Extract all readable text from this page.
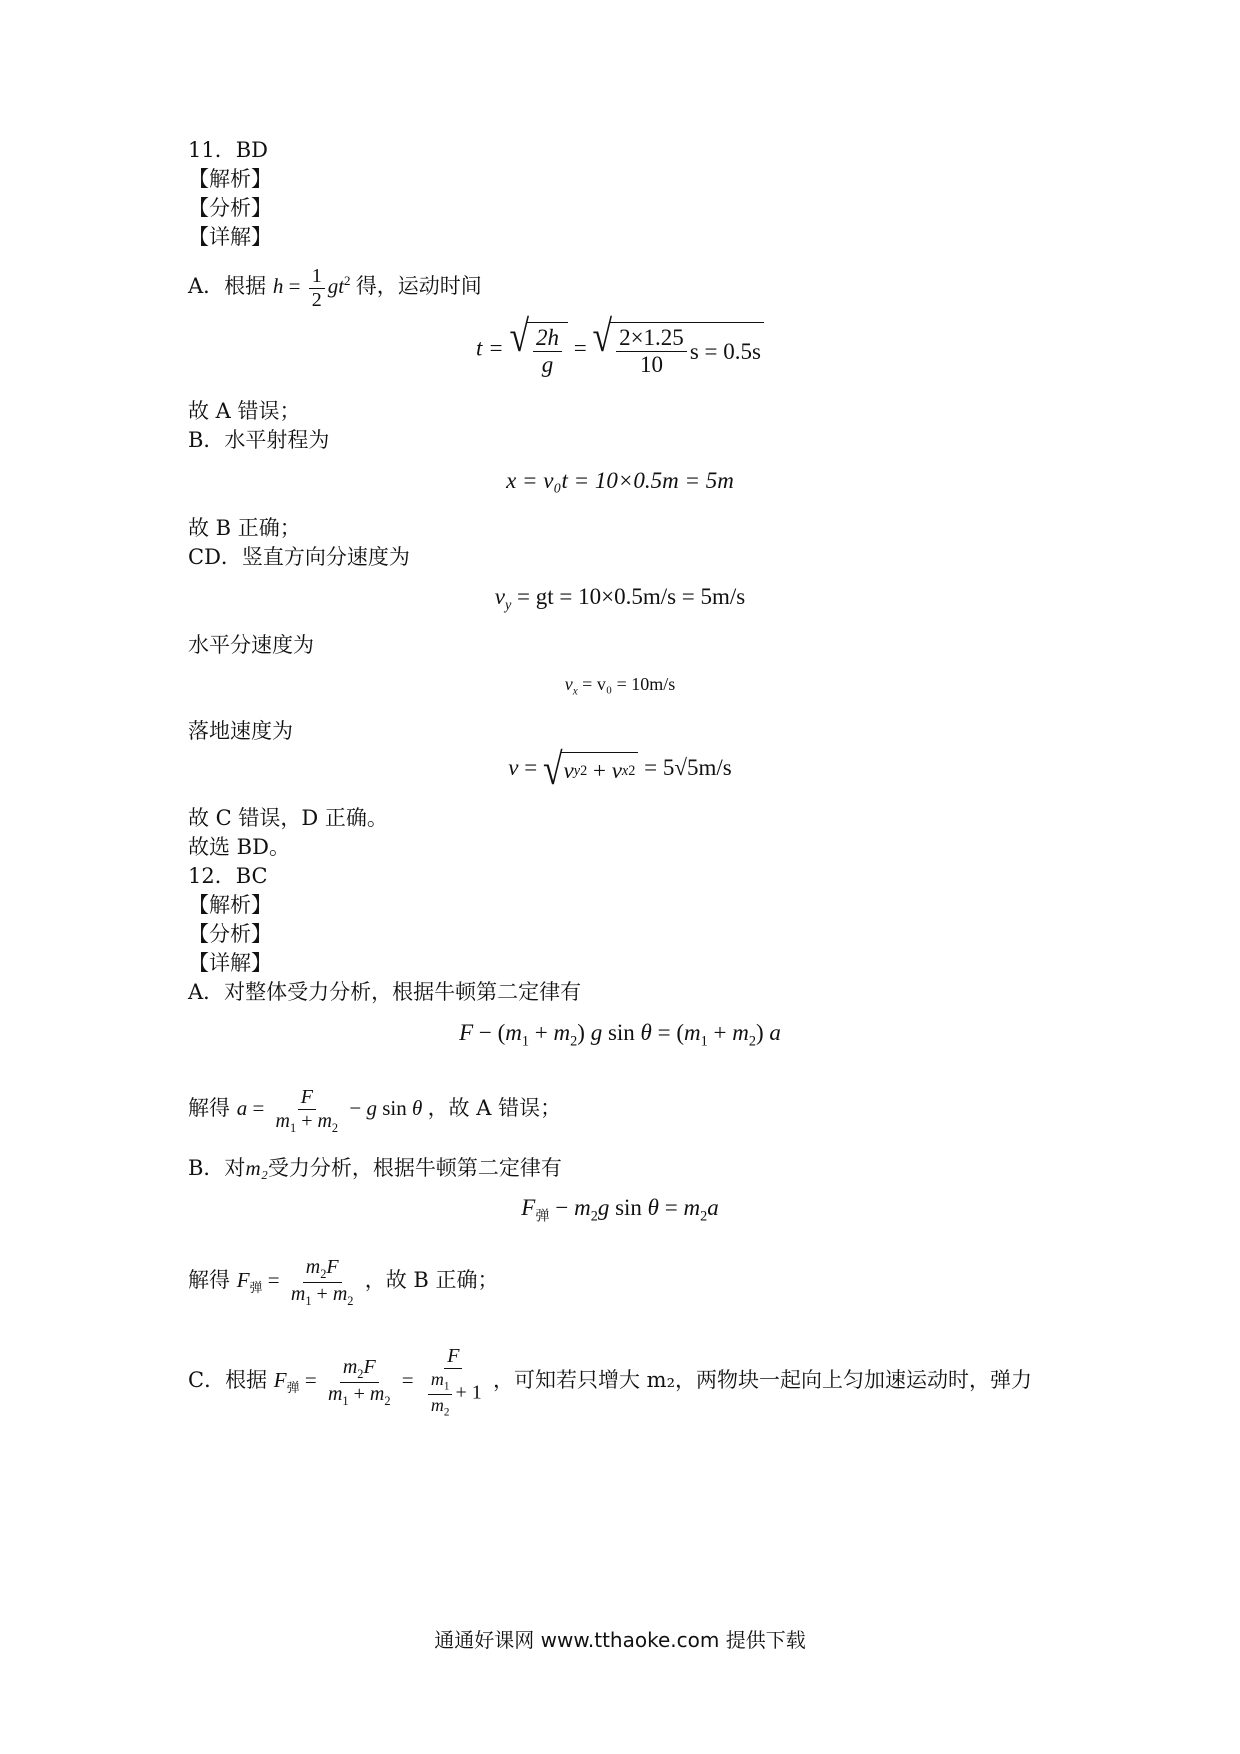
11．BD
【解析】
【分析】
【详解】
A．根据 $h = \frac{1}{2} gt^2$ 得，运动时间
t = √ $\frac{2h}{g}$ = √ $\frac{2\times 1.25}{10}$ s = 0.5s
故 A 错误；
B．水平射程为
x = v₀t = 10×0.5m = 5m
故 B 正确；
CD．竖直方向分速度为
$v_y$ = gt = 10×0.5m/s = 5m/s
水平分速度为
$v_x = v_0 = 10m/s$
落地速度为
v = √ v y 2 + v x 2 = 5√5m/s
故 C 错误，D 正确。
故选 BD。
12．BC
【解析】
【分析】
【详解】
A．对整体受力分析，根据牛顿第二定律有
$F - (m_1 + m_2)$ g $\sin \theta = (m_1 + m_2)$ a
解得 $a = \frac{F}{m_1 + m_2} - g$ sin θ ，故 A 错误；
B．对m₂受力分析，根据牛顿第二定律有
$F_弹 - m_2g$ $\sin \theta = m_2a$
解得 $F_弹 = \frac{m_2F}{m_1 + m_2}$ ，故 B 正确；
C．根据 $F_弹 = \frac{m_2F}{m_1 + m_2} = \frac{F}{\frac{m_1}{m_2} + 1}$ ，可知若只增大 m₂，两物块一起向上匀加速运动时，弹力
通通好课网 www.tthaoke.com 提供下载
